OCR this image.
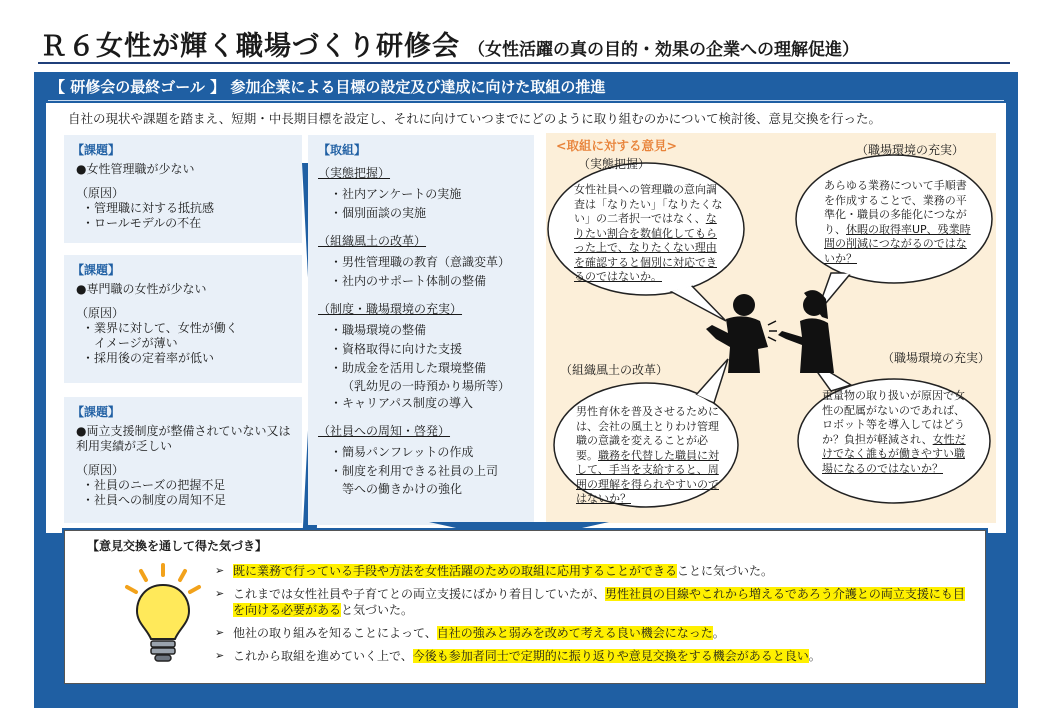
Ｒ６女性が輝く職場づくり研修会 （女性活躍の真の目的・効果の企業への理解促進）
【 研修会の最終ゴール 】 参加企業による目標の設定及び達成に向けた取組の推進
自社の現状や課題を踏まえ、短期・中長期目標を設定し、それに向けていつまでにどのように取り組むのかについて検討後、意見交換を行った。
【課題】
●女性管理職が少ない
（原因）
・管理職に対する抵抗感
・ロールモデルの不在
【課題】
●専門職の女性が少ない
（原因）
・業界に対して、女性が働く
　イメージが薄い
・採用後の定着率が低い
【課題】
●両立支援制度が整備されていない又は利用実績が乏しい
（原因）
・社員のニーズの把握不足
・社員への制度の周知不足
【取組】
（実態把握）
・社内アンケートの実施
・個別面談の実施
（組織風土の改革）
・男性管理職の教育（意識変革）
・社内のサポート体制の整備
（制度・職場環境の充実）
・職場環境の整備
・資格取得に向けた支援
・助成金を活用した環境整備
（乳幼児の一時預かり場所等）
・キャリアパス制度の導入
（社員への周知・啓発）
・簡易パンフレットの作成
・制度を利用できる社員の上司
等への働きかけの強化
<取組に対する意見>
（実態把握）
（職場環境の充実）
（組織風土の改革）
（職場環境の充実）
女性社員への管理職の意向調査は「なりたい」「なりたくない」の二者択一ではなく、なりたい割合を数値化してもらった上で、なりたくない理由を確認すると個別に対応できるのではないか。
あらゆる業務について手順書を作成することで、業務の平準化・職員の多能化につながり、休暇の取得率UP、残業時間の削減につながるのではないか？
男性育休を普及させるためには、会社の風土とりわけ管理職の意識を変えることが必要。職務を代替した職員に対して、手当を支給すると、周囲の理解を得られやすいのではないか？
重量物の取り扱いが原因で女性の配属がないのであれば、ロボット等を導入してはどうか？負担が軽減され、女性だけでなく誰もが働きやすい職場になるのではないか？
【意見交換を通して得た気づき】
➢ 既に業務で行っている手段や方法を女性活躍のための取組に応用することができることに気づいた。
➢ これまでは女性社員や子育てとの両立支援にばかり着目していたが、男性社員の目線やこれから増えるであろう介護との両立支援にも目を向ける必要があると気づいた。
➢ 他社の取り組みを知ることによって、自社の強みと弱みを改めて考える良い機会になった。
➢ これから取組を進めていく上で、今後も参加者同士で定期的に振り返りや意見交換をする機会があると良い。
